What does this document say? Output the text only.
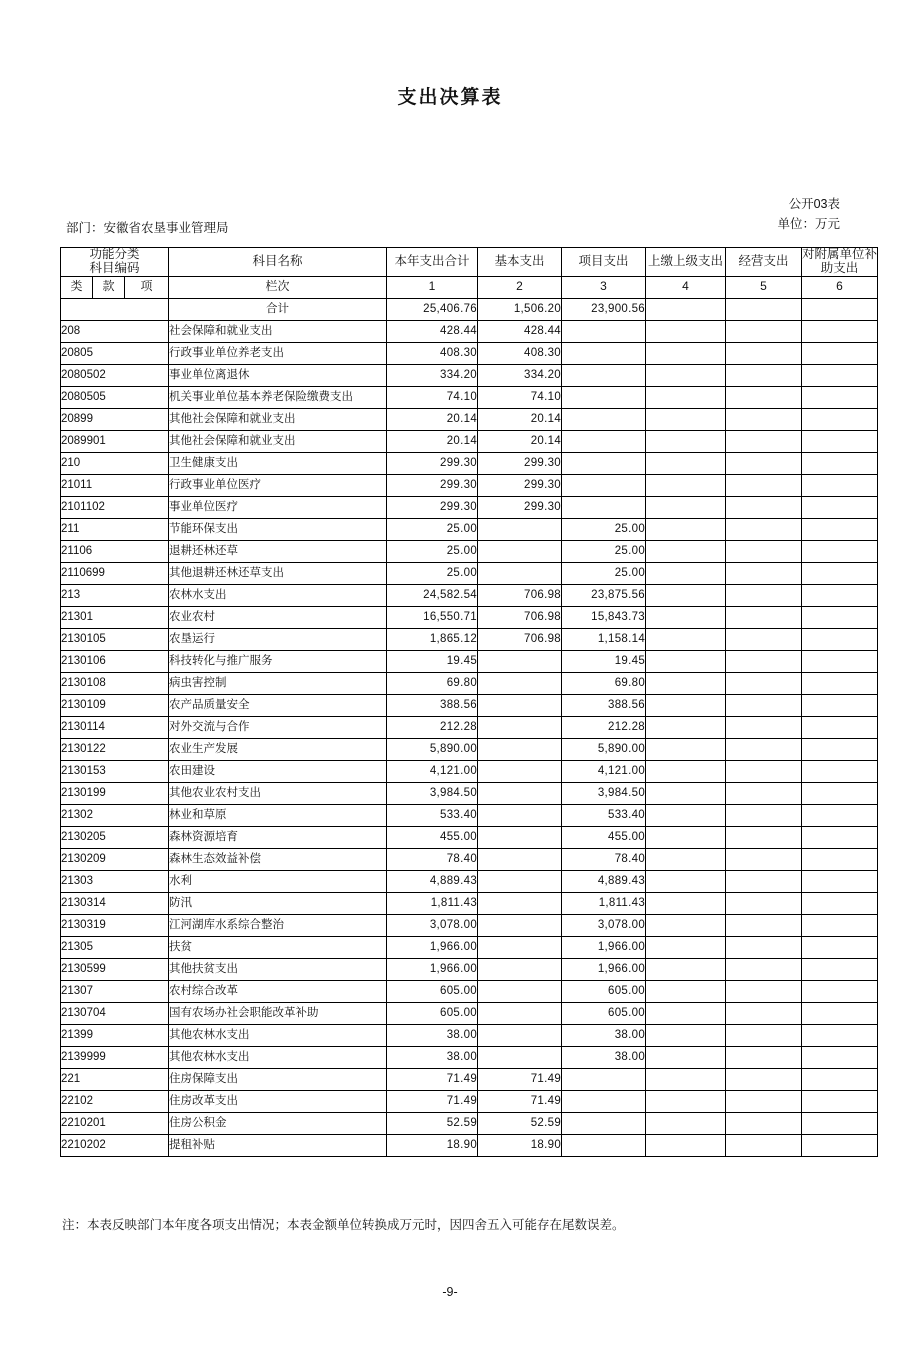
支出决算表
公开03表
单位：万元
部门：安徽省农垦事业管理局
功能分类
科目编码	科目名称	本年支出合计	基本支出	项目支出	上缴上级支出	经营支出	对附属单位补
助支出

类	款	项	栏次	1	2	3	4	5	6
			合计	25,406.76	1,506.20	23,900.56			
208			社会保障和就业支出	428.44	428.44				
20805			行政事业单位养老支出	408.30	408.30				
2080502			事业单位离退休	334.20	334.20				
2080505			机关事业单位基本养老保险缴费支出	74.10	74.10				
20899			其他社会保障和就业支出	20.14	20.14				
2089901			其他社会保障和就业支出	20.14	20.14				
210			卫生健康支出	299.30	299.30				
21011			行政事业单位医疗	299.30	299.30				
2101102			事业单位医疗	299.30	299.30				
211			节能环保支出	25.00		25.00			
21106			退耕还林还草	25.00		25.00			
2110699			其他退耕还林还草支出	25.00		25.00			
213			农林水支出	24,582.54	706.98	23,875.56			
21301			农业农村	16,550.71	706.98	15,843.73			
2130105			农垦运行	1,865.12	706.98	1,158.14			
2130106			科技转化与推广服务	19.45		19.45			
2130108			病虫害控制	69.80		69.80			
2130109			农产品质量安全	388.56		388.56			
2130114			对外交流与合作	212.28		212.28			
2130122			农业生产发展	5,890.00		5,890.00			
2130153			农田建设	4,121.00		4,121.00			
2130199			其他农业农村支出	3,984.50		3,984.50			
21302			林业和草原	533.40		533.40			
2130205			森林资源培育	455.00		455.00			
2130209			森林生态效益补偿	78.40		78.40			
21303			水利	4,889.43		4,889.43			
2130314			防汛	1,811.43		1,811.43			
2130319			江河湖库水系综合整治	3,078.00		3,078.00			
21305			扶贫	1,966.00		1,966.00			
2130599			其他扶贫支出	1,966.00		1,966.00			
21307			农村综合改革	605.00		605.00			
2130704			国有农场办社会职能改革补助	605.00		605.00			
21399			其他农林水支出	38.00		38.00			
2139999			其他农林水支出	38.00		38.00			
221			住房保障支出	71.49	71.49				
22102			住房改革支出	71.49	71.49				
2210201			住房公积金	52.59	52.59				
2210202			提租补贴	18.90	18.90				
注：本表反映部门本年度各项支出情况；本表金额单位转换成万元时，因四舍五入可能存在尾数误差。
-9-
